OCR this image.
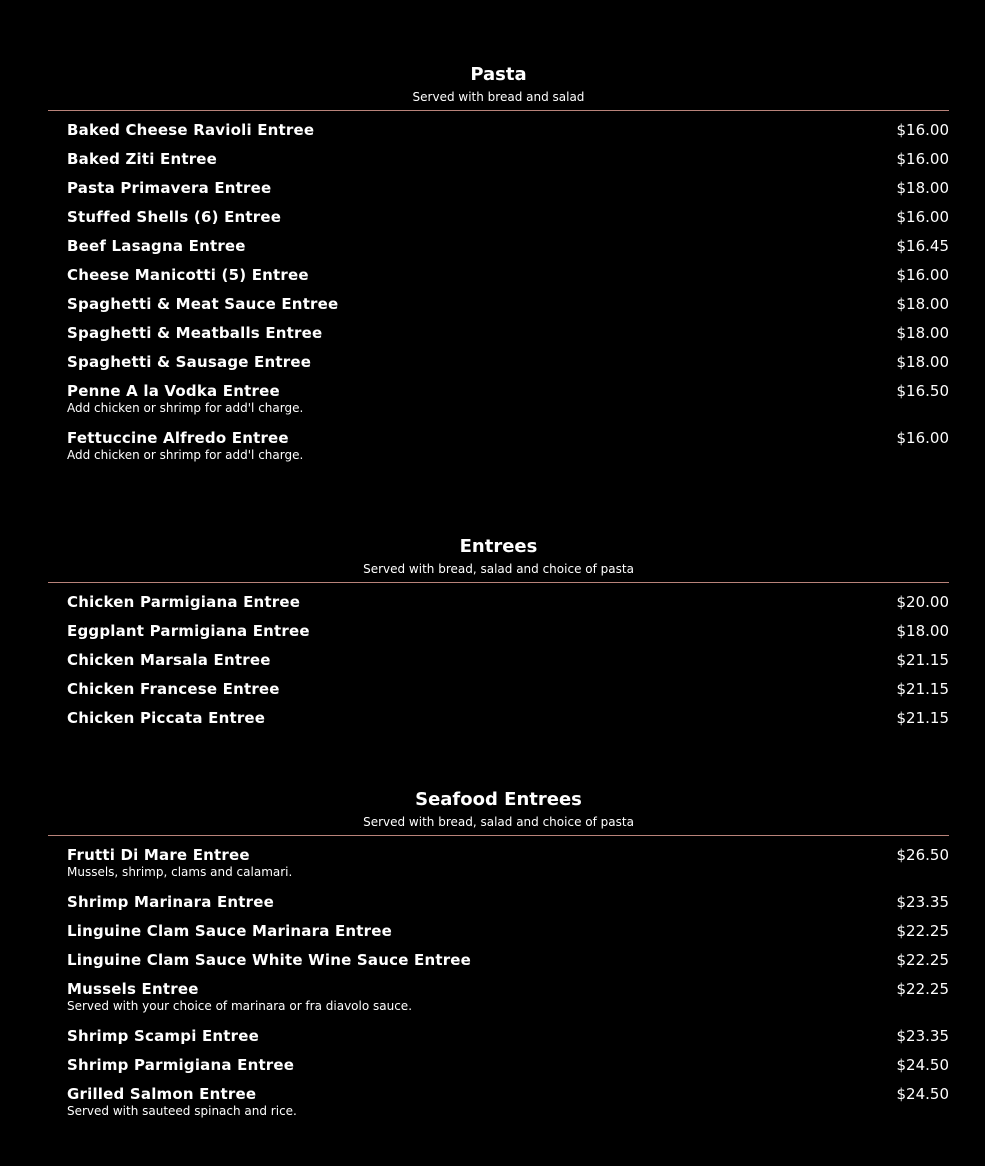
Pasta
Served with bread and salad
Baked Cheese Ravioli Entree	$16.00
Baked Ziti Entree	$16.00
Pasta Primavera Entree	$18.00
Stuffed Shells (6) Entree	$16.00
Beef Lasagna Entree	$16.45
Cheese Manicotti (5) Entree	$16.00
Spaghetti & Meat Sauce Entree	$18.00
Spaghetti & Meatballs Entree	$18.00
Spaghetti & Sausage Entree	$18.00
Penne A la Vodka Entree	$16.50
Add chicken or shrimp for add'l charge.
Fettuccine Alfredo Entree	$16.00
Add chicken or shrimp for add'l charge.
Entrees
Served with bread, salad and choice of pasta
Chicken Parmigiana Entree	$20.00
Eggplant Parmigiana Entree	$18.00
Chicken Marsala Entree	$21.15
Chicken Francese Entree	$21.15
Chicken Piccata Entree	$21.15
Seafood Entrees
Served with bread, salad and choice of pasta
Frutti Di Mare Entree	$26.50
Mussels, shrimp, clams and calamari.
Shrimp Marinara Entree	$23.35
Linguine Clam Sauce Marinara Entree	$22.25
Linguine Clam Sauce White Wine Sauce Entree	$22.25
Mussels Entree	$22.25
Served with your choice of marinara or fra diavolo sauce.
Shrimp Scampi Entree	$23.35
Shrimp Parmigiana Entree	$24.50
Grilled Salmon Entree	$24.50
Served with sauteed spinach and rice.
